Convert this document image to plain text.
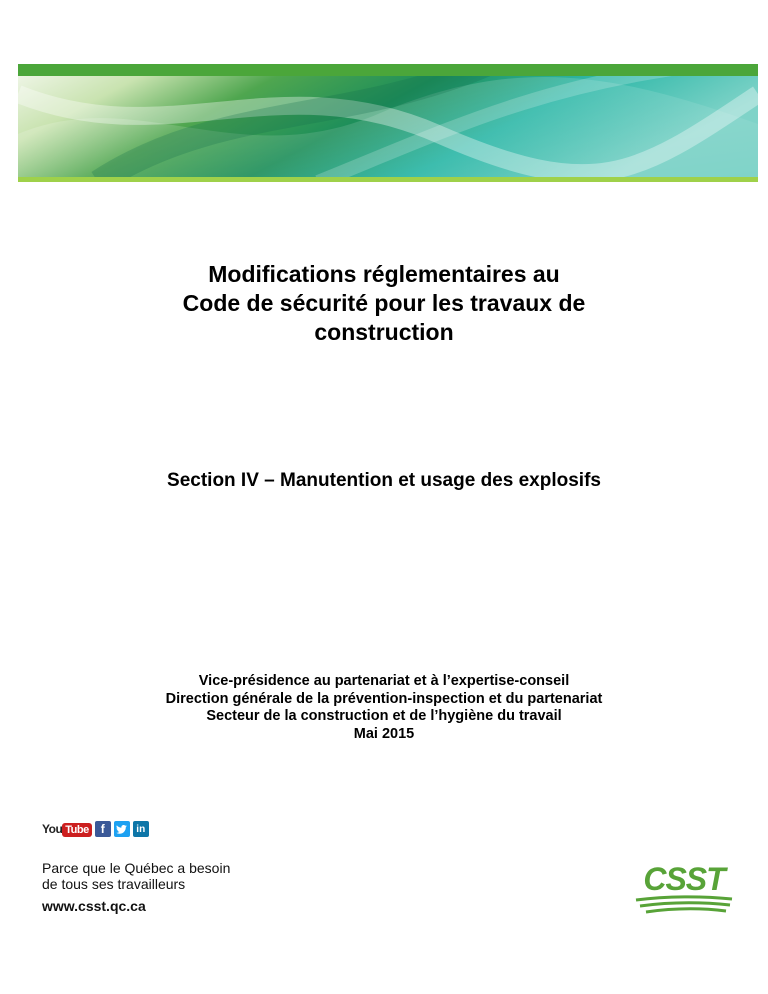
Modifications réglementaires au
Code de sécurité pour les travaux de
construction
Section IV – Manutention et usage des explosifs
Vice-présidence au partenariat et à l’expertise-conseil
Direction générale de la prévention-inspection et du partenariat
Secteur de la construction et de l’hygiène du travail
Mai 2015
You Tube	f	in
Parce que le Québec a besoin
de tous ses travailleurs
www.csst.qc.ca
CSST
